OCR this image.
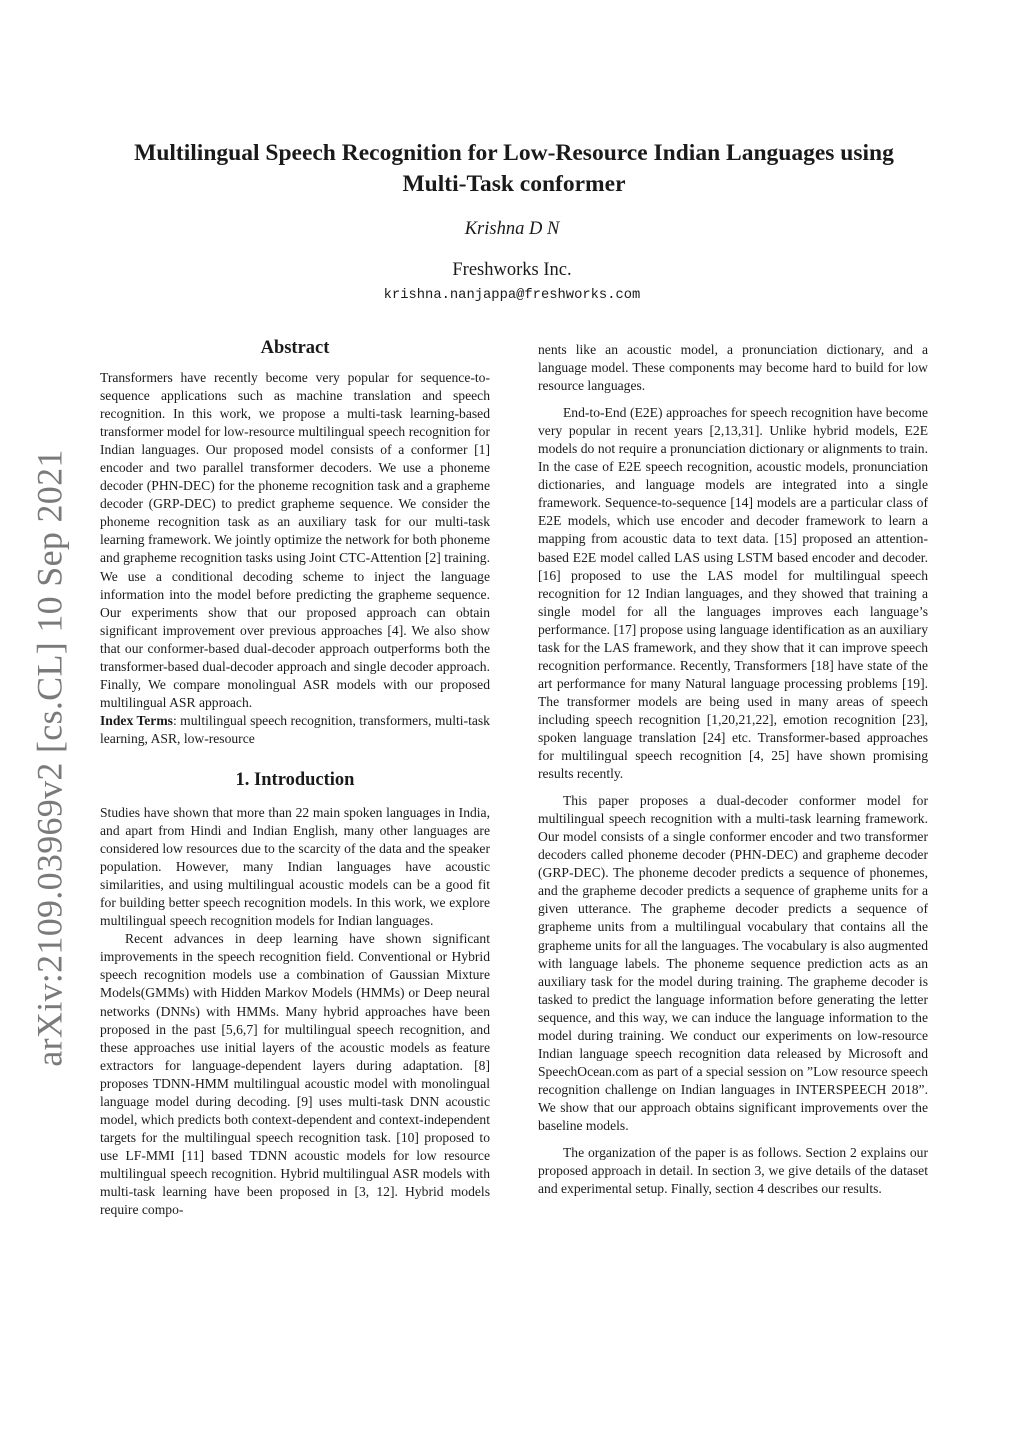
arXiv:2109.03969v2 [cs.CL] 10 Sep 2021
Multilingual Speech Recognition for Low-Resource Indian Languages using
Multi-Task conformer

Krishna D N

Freshworks Inc.

krishna.nanjappa@freshworks.com

Abstract

Transformers have recently become very popular for sequence-to-sequence applications such as machine translation and speech recognition. In this work, we propose a multi-task learning-based transformer model for low-resource multilingual speech recognition for Indian languages. Our proposed model consists of a conformer [1] encoder and two parallel transformer decoders. We use a phoneme decoder (PHN-DEC) for the phoneme recognition task and a grapheme decoder (GRP-DEC) to predict grapheme sequence. We consider the phoneme recognition task as an auxiliary task for our multi-task learning framework. We jointly optimize the network for both phoneme and grapheme recognition tasks using Joint CTC-Attention [2] training. We use a conditional decoding scheme to inject the language information into the model before predicting the grapheme sequence. Our experiments show that our proposed approach can obtain significant improvement over previous approaches [4]. We also show that our conformer-based dual-decoder approach outperforms both the transformer-based dual-decoder approach and single decoder approach. Finally, We compare monolingual ASR models with our proposed multilingual ASR approach.

Index Terms: multilingual speech recognition, transformers, multi-task learning, ASR, low-resource

1. Introduction

Studies have shown that more than 22 main spoken languages in India, and apart from Hindi and Indian English, many other languages are considered low resources due to the scarcity of the data and the speaker population. However, many Indian languages have acoustic similarities, and using multilingual acoustic models can be a good fit for building better speech recognition models. In this work, we explore multilingual speech recognition models for Indian languages.

Recent advances in deep learning have shown significant improvements in the speech recognition field. Conventional or Hybrid speech recognition models use a combination of Gaussian Mixture Models(GMMs) with Hidden Markov Models (HMMs) or Deep neural networks (DNNs) with HMMs. Many hybrid approaches have been proposed in the past [5,6,7] for multilingual speech recognition, and these approaches use initial layers of the acoustic models as feature extractors for language-dependent layers during adaptation. [8] proposes TDNN-HMM multilingual acoustic model with monolingual language model during decoding. [9] uses multi-task DNN acoustic model, which predicts both context-dependent and context-independent targets for the multilingual speech recognition task. [10] proposed to use LF-MMI [11] based TDNN acoustic models for low resource multilingual speech recognition. Hybrid multilingual ASR models with multi-task learning have been proposed in [3, 12]. Hybrid models require compo-

nents like an acoustic model, a pronunciation dictionary, and a language model. These components may become hard to build for low resource languages.

End-to-End (E2E) approaches for speech recognition have become very popular in recent years [2,13,31]. Unlike hybrid models, E2E models do not require a pronunciation dictionary or alignments to train. In the case of E2E speech recognition, acoustic models, pronunciation dictionaries, and language models are integrated into a single framework. Sequence-to-sequence [14] models are a particular class of E2E models, which use encoder and decoder framework to learn a mapping from acoustic data to text data. [15] proposed an attention-based E2E model called LAS using LSTM based encoder and decoder. [16] proposed to use the LAS model for multilingual speech recognition for 12 Indian languages, and they showed that training a single model for all the languages improves each language’s performance. [17] propose using language identification as an auxiliary task for the LAS framework, and they show that it can improve speech recognition performance. Recently, Transformers [18] have state of the art performance for many Natural language processing problems [19]. The transformer models are being used in many areas of speech including speech recognition [1,20,21,22], emotion recognition [23], spoken language translation [24] etc. Transformer-based approaches for multilingual speech recognition [4, 25] have shown promising results recently.

This paper proposes a dual-decoder conformer model for multilingual speech recognition with a multi-task learning framework. Our model consists of a single conformer encoder and two transformer decoders called phoneme decoder (PHN-DEC) and grapheme decoder (GRP-DEC). The phoneme decoder predicts a sequence of phonemes, and the grapheme decoder predicts a sequence of grapheme units for a given utterance. The grapheme decoder predicts a sequence of grapheme units from a multilingual vocabulary that contains all the grapheme units for all the languages. The vocabulary is also augmented with language labels. The phoneme sequence prediction acts as an auxiliary task for the model during training. The grapheme decoder is tasked to predict the language information before generating the letter sequence, and this way, we can induce the language information to the model during training. We conduct our experiments on low-resource Indian language speech recognition data released by Microsoft and SpeechOcean.com as part of a special session on ”Low resource speech recognition challenge on Indian languages in INTERSPEECH 2018”. We show that our approach obtains significant improvements over the baseline models.

The organization of the paper is as follows. Section 2 explains our proposed approach in detail. In section 3, we give details of the dataset and experimental setup. Finally, section 4 describes our results.
